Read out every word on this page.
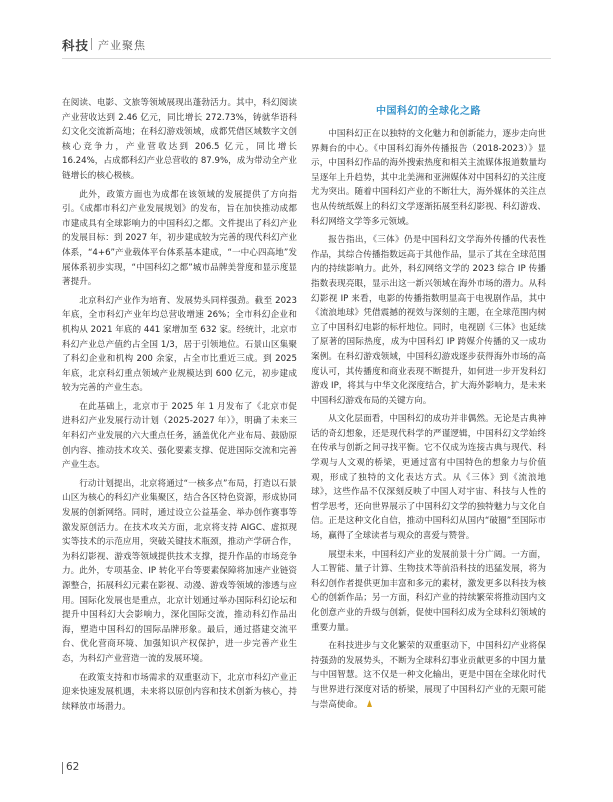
科技 产业聚焦

在阅读、电影、文旅等领域展现出蓬勃活力。其中，科幻阅读产业营收达到 2.46 亿元，同比增长 272.73%，铸就华语科幻文化交流新高地；在科幻游戏领域，成都凭借区域数字文创核心竞争力，产业营收达到 206.5 亿元，同比增长 16.24%，占成都科幻产业总营收的 87.9%，成为带动全产业链增长的核心极核。

此外，政策方面也为成都在该领域的发展提供了方向指引。《成都市科幻产业发展规划》的发布，旨在加快推动成都市建成具有全球影响力的中国科幻之都。文件提出了科幻产业的发展目标：到 2027 年，初步建成较为完善的现代科幻产业体系，“4+6”产业载体平台体系基本建成，“一中心四高地”发展体系初步实现，“中国科幻之都”城市品牌美誉度和显示度显著提升。

北京科幻产业作为培育、发展势头同样强劲。截至 2023 年底，全市科幻产业年均总营收增速 26%；全市科幻企业和机构从 2021 年底的 441 家增加至 632 家。经统计，北京市科幻产业总产值约占全国 1/3，居于引领地位。石景山区集聚了科幻企业和机构 200 余家，占全市比重近三成。到 2025 年底，北京科幻重点领域产业规模达到 600 亿元，初步建成较为完善的产业生态。

在此基础上，北京市于 2025 年 1 月发布了《北京市促进科幻产业发展行动计划（2025-2027 年）》，明确了未来三年科幻产业发展的六大重点任务，涵盖优化产业布局、鼓励原创内容、推动技术攻关、强化要素支撑、促进国际交流和完善产业生态。

行动计划提出，北京将通过“一核多点”布局，打造以石景山区为核心的科幻产业集聚区，结合各区特色资源，形成协同发展的创新网络。同时，通过设立公益基金、举办创作赛事等激发原创活力。在技术攻关方面，北京将支持 AIGC、虚拟现实等技术的示范应用，突破关键技术瓶颈，推动产学研合作，为科幻影视、游戏等领域提供技术支撑，提升作品的市场竞争力。此外，专项基金、IP 转化平台等要素保障将加速产业链资源整合，拓展科幻元素在影视、动漫、游戏等领域的渗透与应用。国际化发展也是重点，北京计划通过举办国际科幻论坛和提升中国科幻大会影响力，深化国际交流，推动科幻作品出海，塑造中国科幻的国际品牌形象。最后，通过搭建交流平台、优化营商环境、加强知识产权保护，进一步完善产业生态，为科幻产业营造一流的发展环境。

在政策支持和市场需求的双重驱动下，北京市科幻产业正迎来快速发展机遇，未来将以原创内容和技术创新为核心，持续释放市场潜力。

中国科幻的全球化之路

中国科幻正在以独特的文化魅力和创新能力，逐步走向世界舞台的中心。《中国科幻海外传播报告（2018-2023）》显示，中国科幻作品的海外搜索热度和相关主流媒体报道数量均呈逐年上升趋势，其中北美洲和亚洲媒体对中国科幻的关注度尤为突出。随着中国科幻产业的不断壮大，海外媒体的关注点也从传统纸媒上的科幻文学逐渐拓展至科幻影视、科幻游戏、科幻网络文学等多元领域。

报告指出，《三体》仍是中国科幻文学海外传播的代表性作品，其综合传播指数远高于其他作品，显示了其在全球范围内的持续影响力。此外，科幻网络文学的 2023 综合 IP 传播指数表现亮眼，显示出这一新兴领域在海外市场的潜力。从科幻影视 IP 来看，电影的传播指数明显高于电视剧作品，其中《流浪地球》凭借震撼的视效与深刻的主题，在全球范围内树立了中国科幻电影的标杆地位。同时，电视剧《三体》也延续了原著的国际热度，成为中国科幻 IP 跨媒介传播的又一成功案例。在科幻游戏领域，中国科幻游戏逐步获得海外市场的高度认可，其传播度和商业表现不断提升，如何进一步开发科幻游戏 IP，将其与中华文化深度结合，扩大海外影响力，是未来中国科幻游戏布局的关键方向。

从文化层面看，中国科幻的成功并非偶然。无论是古典神话的奇幻想象，还是现代科学的严谨逻辑，中国科幻文学始终在传承与创新之间寻找平衡。它不仅成为连接古典与现代、科学观与人文观的桥梁，更通过富有中国特色的想象力与价值观，形成了独特的文化表达方式。从《三体》到《流浪地球》，这些作品不仅深刻反映了中国人对宇宙、科技与人性的哲学思考，还向世界展示了中国科幻文学的独特魅力与文化自信。正是这种文化自信，推动中国科幻从国内“破圈”至国际市场，赢得了全球读者与观众的喜爱与赞誉。

展望未来，中国科幻产业的发展前景十分广阔。一方面，人工智能、量子计算、生物技术等前沿科技的迅猛发展，将为科幻创作者提供更加丰富和多元的素材，激发更多以科技为核心的创新作品；另一方面，科幻产业的持续繁荣将推动国内文化创意产业的升级与创新，促使中国科幻成为全球科幻领域的重要力量。

在科技进步与文化繁荣的双重驱动下，中国科幻产业将保持强劲的发展势头，不断为全球科幻事业贡献更多的中国力量与中国智慧。这不仅是一种文化输出，更是中国在全球化时代与世界进行深度对话的桥梁，展现了中国科幻产业的无限可能与崇高使命。

62
